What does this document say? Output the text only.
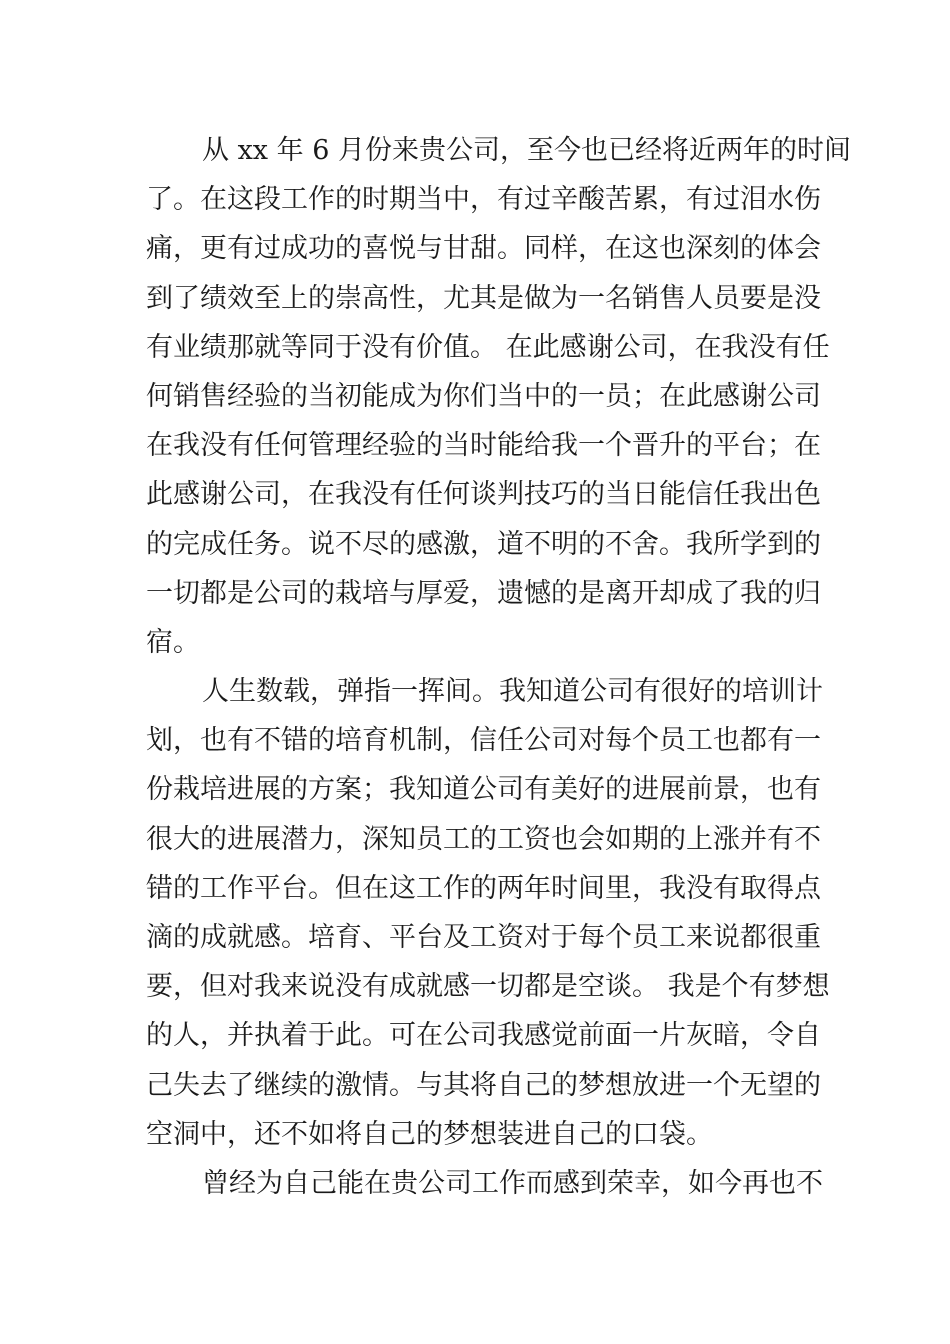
从 xx 年 6 月份来贵公司，至今也已经将近两年的时间
了。在这段工作的时期当中，有过辛酸苦累，有过泪水伤
痛，更有过成功的喜悦与甘甜。同样，在这也深刻的体会
到了绩效至上的崇高性，尤其是做为一名销售人员要是没
有业绩那就等同于没有价值。 在此感谢公司，在我没有任
何销售经验的当初能成为你们当中的一员；在此感谢公司
在我没有任何管理经验的当时能给我一个晋升的平台；在
此感谢公司，在我没有任何谈判技巧的当日能信任我出色
的完成任务。说不尽的感激，道不明的不舍。我所学到的
一切都是公司的栽培与厚爱，遗憾的是离开却成了我的归
宿。
人生数载，弹指一挥间。我知道公司有很好的培训计
划，也有不错的培育机制，信任公司对每个员工也都有一
份栽培进展的方案；我知道公司有美好的进展前景，也有
很大的进展潜力，深知员工的工资也会如期的上涨并有不
错的工作平台。但在这工作的两年时间里，我没有取得点
滴的成就感。培育、平台及工资对于每个员工来说都很重
要，但对我来说没有成就感一切都是空谈。 我是个有梦想
的人，并执着于此。可在公司我感觉前面一片灰暗，令自
己失去了继续的激情。与其将自己的梦想放进一个无望的
空洞中，还不如将自己的梦想装进自己的口袋。
曾经为自己能在贵公司工作而感到荣幸，如今再也不
